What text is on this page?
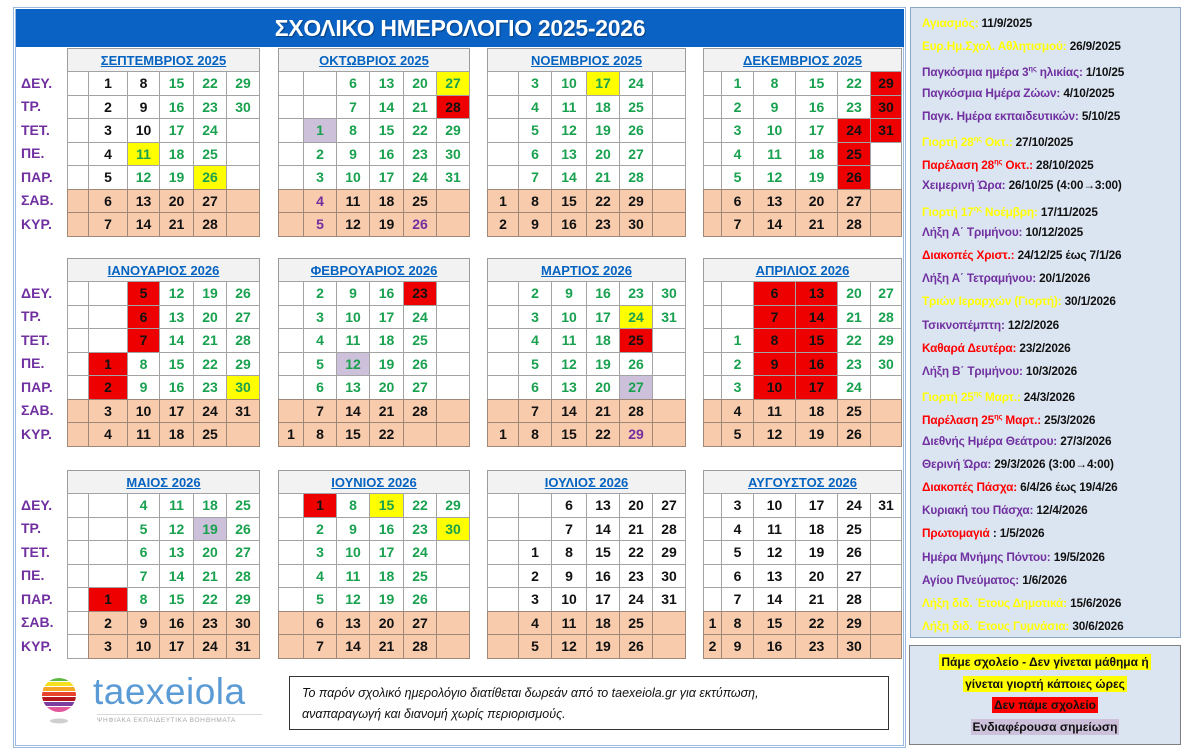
ΣΧΟΛΙΚΟ ΗΜΕΡΟΛΟΓΙΟ 2025-2026
ΔΕΥ.
ΤΡ.
ΤΕΤ.
ΠΕ.
ΠΑΡ.
ΣΑΒ.
ΚΥΡ.
ΣΕΠΤΕΜΒΡΙΟΣ 2025
1
2
3
4
5
6
7
8
9
10
11
12
13
14
15
16
17
18
19
20
21
22
23
24
25
26
27
28
29
30
ΟΚΤΩΒΡΙΟΣ 2025
1
2
3
4
5
6
7
8
9
10
11
12
13
14
15
16
17
18
19
20
21
22
23
24
25
26
27
28
29
30
31
ΝΟΕΜΒΡΙΟΣ 2025
1
2
3
4
5
6
7
8
9
10
11
12
13
14
15
16
17
18
19
20
21
22
23
24
25
26
27
28
29
30
ΔΕΚΕΜΒΡΙΟΣ 2025
1
2
3
4
5
6
7
8
9
10
11
12
13
14
15
16
17
18
19
20
21
22
23
24
25
26
27
28
29
30
31
ΔΕΥ.
ΤΡ.
ΤΕΤ.
ΠΕ.
ΠΑΡ.
ΣΑΒ.
ΚΥΡ.
ΙΑΝΟΥΑΡΙΟΣ 2026
1
2
3
4
5
6
7
8
9
10
11
12
13
14
15
16
17
18
19
20
21
22
23
24
25
26
27
28
29
30
31
ΦΕΒΡΟΥΑΡΙΟΣ 2026
1
2
3
4
5
6
7
8
9
10
11
12
13
14
15
16
17
18
19
20
21
22
23
24
25
26
27
28
ΜΑΡΤΙΟΣ 2026
1
2
3
4
5
6
7
8
9
10
11
12
13
14
15
16
17
18
19
20
21
22
23
24
25
26
27
28
29
30
31
ΑΠΡΙΛΙΟΣ 2026
1
2
3
4
5
6
7
8
9
10
11
12
13
14
15
16
17
18
19
20
21
22
23
24
25
26
27
28
29
30
ΔΕΥ.
ΤΡ.
ΤΕΤ.
ΠΕ.
ΠΑΡ.
ΣΑΒ.
ΚΥΡ.
ΜΑΙΟΣ 2026
1
2
3
4
5
6
7
8
9
10
11
12
13
14
15
16
17
18
19
20
21
22
23
24
25
26
27
28
29
30
31
ΙΟΥΝΙΟΣ 2026
1
2
3
4
5
6
7
8
9
10
11
12
13
14
15
16
17
18
19
20
21
22
23
24
25
26
27
28
29
30
ΙΟΥΛΙΟΣ 2026
1
2
3
4
5
6
7
8
9
10
11
12
13
14
15
16
17
18
19
20
21
22
23
24
25
26
27
28
29
30
31
ΑΥΓΟΥΣΤΟΣ 2026
1
2
3
4
5
6
7
8
9
10
11
12
13
14
15
16
17
18
19
20
21
22
23
24
25
26
27
28
29
30
31
Αγιασμός: 11/9/2025
Ευρ.Ημ.Σχολ. Αθλητισμού: 26/9/2025
Παγκόσμια ημέρα $3^{\eta\varsigma}$ ηλικίας: 1/10/25
Παγκόσμια Ημέρα Ζώων: 4/10/2025
Παγκ. Ημέρα εκπαιδευτικών: 5/10/25
Γιορτή $28^{\eta\varsigma}$ Οκτ.: 27/10/2025
Παρέλαση $28^{\eta\varsigma}$ Οκτ.: 28/10/2025
Χειμερινή Ώρα: 26/10/25 (4:00→3:00)
Γιορτή $17^{\eta\varsigma}$ Νοέμβρη: 17/11/2025
Λήξη Α΄ Τριμήνου: 10/12/2025
Διακοπές Χριστ.: 24/12/25 έως 7/1/26
Λήξη Α΄ Τετραμήνου: 20/1/2026
Τριών Ιεραρχών (Γιορτή): 30/1/2026
Τσικνοπέμπτη: 12/2/2026
Καθαρά Δευτέρα: 23/2/2026
Λήξη Β΄ Τριμήνου: 10/3/2026
Γιορτή $25^{\eta\varsigma}$ Μαρτ.: 24/3/2026
Παρέλαση $25^{\eta\varsigma}$ Μαρτ.: 25/3/2026
Διεθνής Ημέρα Θεάτρου: 27/3/2026
Θερινή Ώρα: 29/3/2026 (3:00→4:00)
Διακοπές Πάσχα: 6/4/26 έως 19/4/26
Κυριακή του Πάσχα: 12/4/2026
Πρωτομαγιά : 1/5/2026
Ημέρα Μνήμης Πόντου: 19/5/2026
Αγίου Πνεύματος: 1/6/2026
Λήξη διδ. Έτους Δημοτικά: 15/6/2026
Λήξη διδ. Έτους Γυμνάσια: 30/6/2026
Πάμε σχολείο - Δεν γίνεται μάθημα ή
γίνεται γιορτή κάποιες ώρες
Δεν πάμε σχολείο
Ενδιαφέρουσα σημείωση
taexeiola
ΨΗΦΙΑΚΑ ΕΚΠΑΙΔΕΥΤΙΚΑ ΒΟΗΘΗΜΑΤΑ
Το παρόν σχολικό ημερολόγιο διατίθεται δωρεάν από το taexeiola.gr για εκτύπωση,
αναπαραγωγή και διανομή χωρίς περιορισμούς.
